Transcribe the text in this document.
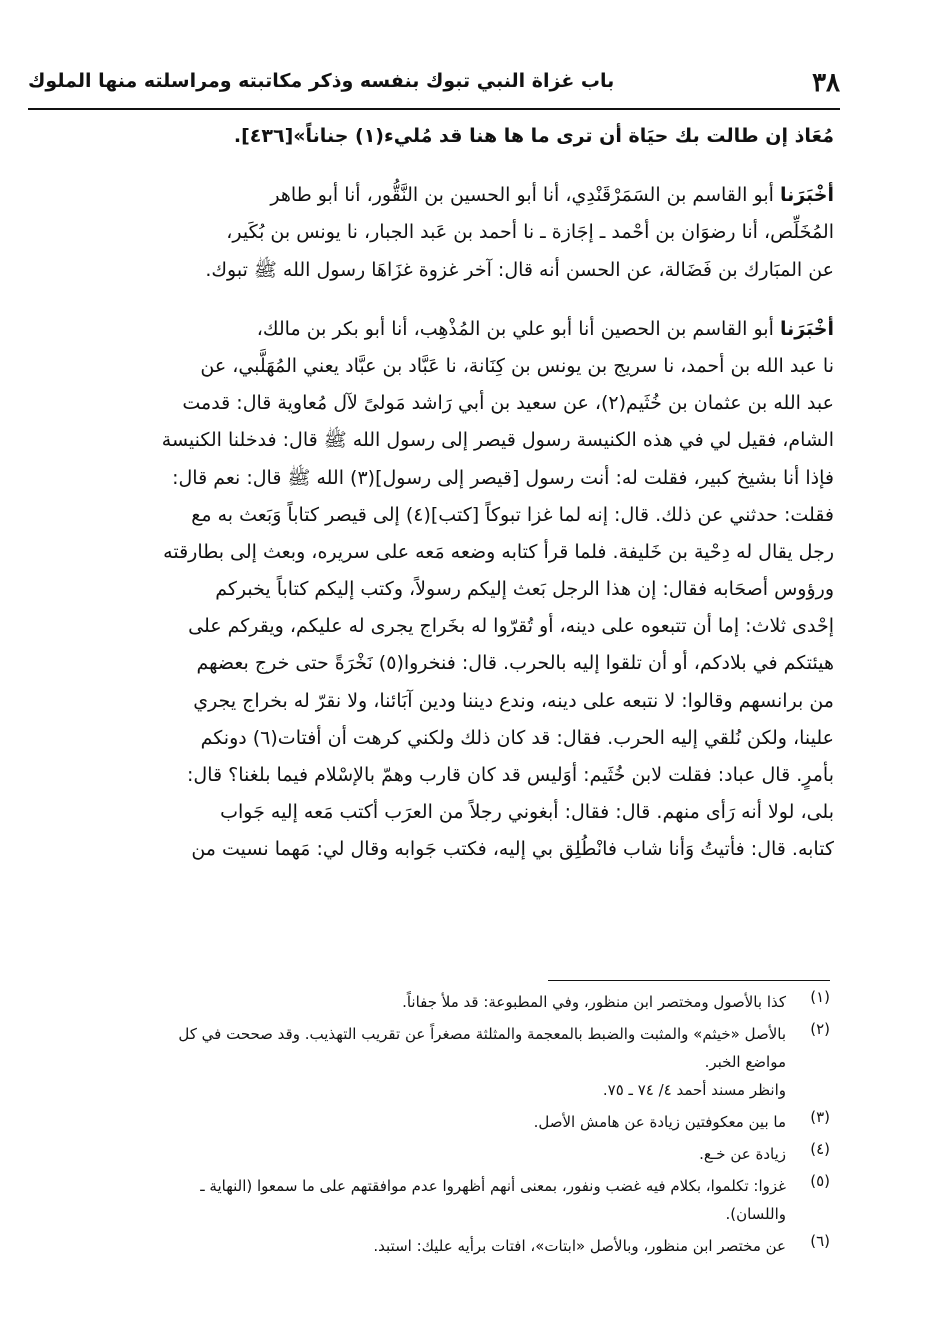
٣٨
باب غزاة النبي تبوك بنفسه وذكر مكاتبته ومراسلته منها الملوك
مُعَاذ إن طالت بك حيَاة أن ترى ما ها هنا قد مُليء(١) جناناً»[٤٣٦].
أخْبَرَنا أبو القاسم بن السَمَرْقَنْدِي، أنا أبو الحسين بن النَّقُّور، أنا أبو طاهر
المُخَلِّص، أنا رضوَان بن أحْمد ـ إجَازة ـ نا أحمد بن عَبد الجبار، نا يونس بن بُكَير،
عن المبَارك بن فَضَالة، عن الحسن أنه قال: آخر غزوة غزَاهَا رسول الله ﷺ تبوك.
أخْبَرَنا أبو القاسم بن الحصين أنا أبو علي بن المُذْهِب، أنا أبو بكر بن مالك،
نا عبد الله بن أحمد، نا سريج بن يونس بن كِنَانة، نا عَبَّاد بن عبَّاد يعني المُهَلَّبي، عن
عبد الله بن عثمان بن خُثَيم(٢)، عن سعيد بن أبي رَاشد مَولىً لآل مُعاوية قال: قدمت
الشام، فقيل لي في هذه الكنيسة رسول قيصر إلى رسول الله ﷺ قال: فدخلنا الكنيسة
فإذا أنا بشيخ كبير، فقلت له: أنت رسول [قيصر إلى رسول](٣) الله ﷺ قال: نعم قال:
فقلت: حدثني عن ذلك. قال: إنه لما غزا تبوكاً [كتب](٤) إلى قيصر كتاباً وَبَعث به مع
رجل يقال له دِحْية بن خَليفة. فلما قرأ كتابه وضعه مَعه على سريره، وبعث إلى بطارقته
ورؤوس أصحَابه فقال: إن هذا الرجل بَعث إليكم رسولاً، وكتب إليكم كتاباً يخبركم
إحْدى ثلاث: إما أن تتبعوه على دينه، أو تُقرّوا له بخَراج يجرى له عليكم، ويقركم على
هيئتكم في بلادكم، أو أن تلقوا إليه بالحرب. قال: فنخروا(٥) نَخْرَةً حتى خرج بعضهم
من برانسهم وقالوا: لا نتبعه على دينه، وندع ديننا ودين آبَائنا، ولا نقرّ له بخراج يجري
علينا، ولكن نُلقي إليه الحرب. فقال: قد كان ذلك ولكني كرهت أن أفتات(٦) دونكم
بأمرٍ. قال عباد: فقلت لابن خُثَيم: أوَليس قد كان قارب وهمّ بالإسْلام فيما بلغنا؟ قال:
بلى، لولا أنه رَأى منهم. قال: فقال: أبغوني رجلاً من العرَب أكتب مَعه إليه جَواب
كتابه. قال: فأتيتُ وَأنا شاب فانْطُلِق بي إليه، فكتب جَوابه وقال لي: مَهما نسيت من
(١)
كذا بالأصول ومختصر ابن منظور، وفي المطبوعة: قد ملأ جفاناً.
(٢)
بالأصل «خيثم» والمثبت والضبط بالمعجمة والمثلثة مصغراً عن تقريب التهذيب. وقد صححت في كل
مواضع الخبر.
وانظر مسند أحمد ٤/ ٧٤ ـ ٧٥.
(٣)
ما بين معكوفتين زيادة عن هامش الأصل.
(٤)
زيادة عن خـع.
(٥)
غزوا: تكلموا، بكلام فيه غضب ونفور، بمعنى أنهم أظهروا عدم موافقتهم على ما سمعوا (النهاية ـ
واللسان).
(٦)
عن مختصر ابن منظور، وبالأصل «ابتات»، افتات برأيه عليك: استبد.
